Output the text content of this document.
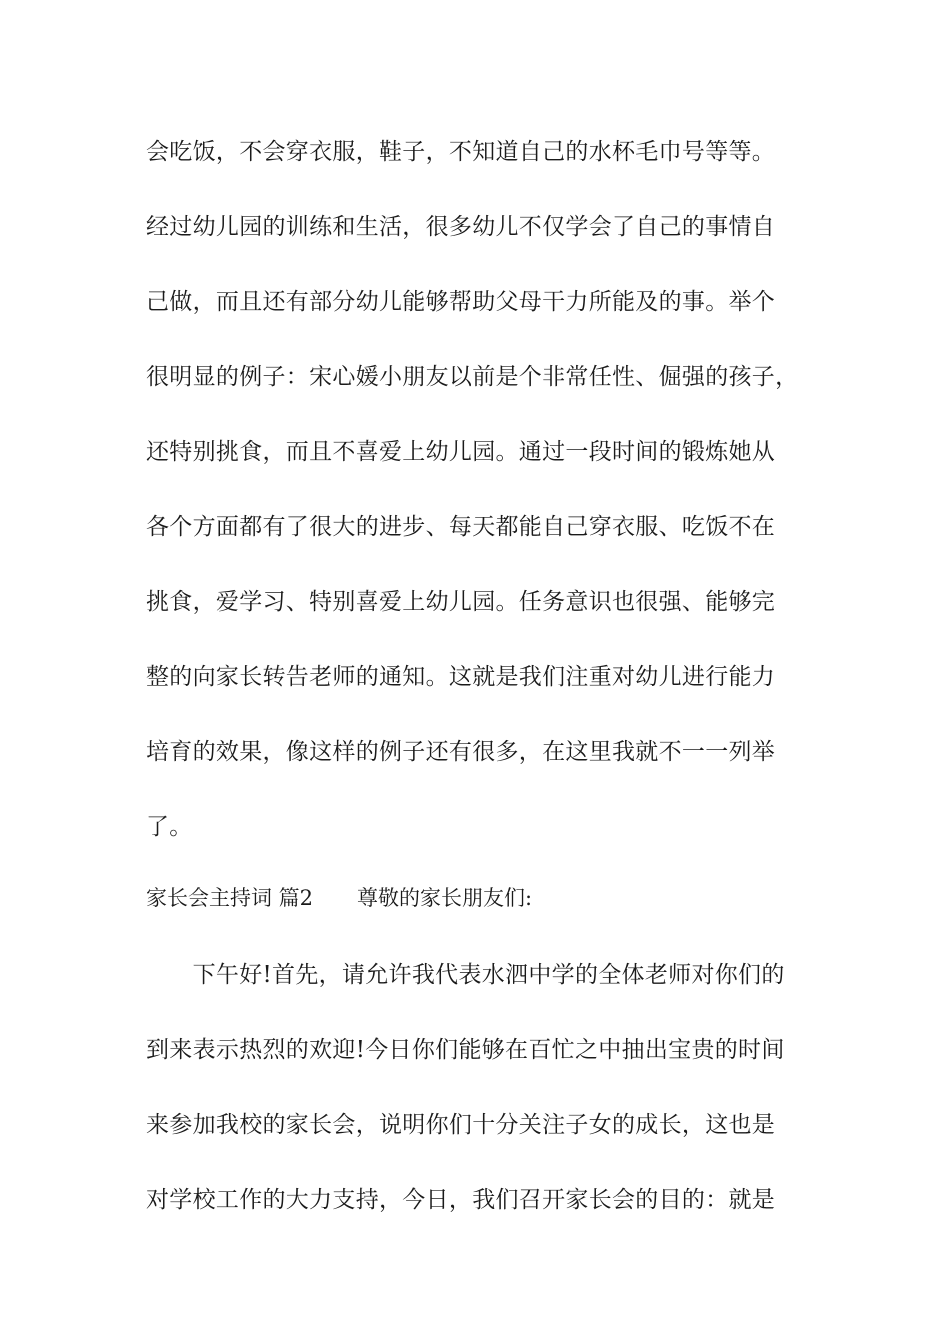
会吃饭，不会穿衣服，鞋子，不知道自己的水杯毛巾号等等。
经过幼儿园的训练和生活，很多幼儿不仅学会了自己的事情自
己做，而且还有部分幼儿能够帮助父母干力所能及的事。举个
很明显的例子：宋心媛小朋友以前是个非常任性、倔强的孩子，
还特别挑食，而且不喜爱上幼儿园。通过一段时间的锻炼她从
各个方面都有了很大的进步、每天都能自己穿衣服、吃饭不在
挑食，爱学习、特别喜爱上幼儿园。任务意识也很强、能够完
整的向家长转告老师的通知。这就是我们注重对幼儿进行能力
培育的效果，像这样的例子还有很多，在这里我就不一一列举
了。
家长会主持词 篇2 尊敬的家长朋友们:
　　下午好!首先，请允许我代表水泗中学的全体老师对你们的
到来表示热烈的欢迎!今日你们能够在百忙之中抽出宝贵的时间
来参加我校的家长会，说明你们十分关注子女的成长，这也是
对学校工作的大力支持，今日，我们召开家长会的目的：就是
